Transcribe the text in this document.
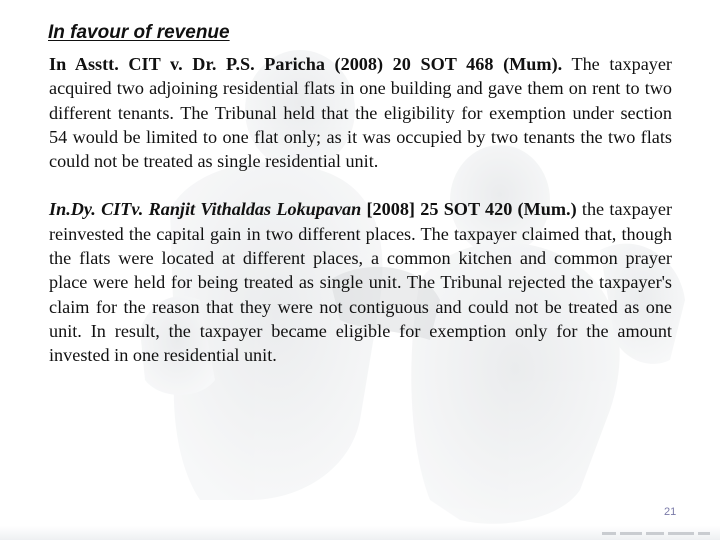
In favour of revenue

In Asstt. CIT v. Dr. P.S. Paricha (2008) 20 SOT 468 (Mum). The taxpayer acquired two adjoining residential flats in one building and gave them on rent to two different tenants. The Tribunal held that the eligibility for exemption under section 54 would be limited to one flat only; as it was occupied by two tenants the two flats could not be treated as single residential unit.

In.Dy. CITv. Ranjit Vithaldas Lokupavan [2008] 25 SOT 420 (Mum.) the taxpayer reinvested the capital gain in two different places. The taxpayer claimed that, though the flats were located at different places, a common kitchen and common prayer place were held for being treated as single unit. The Tribunal rejected the taxpayer's claim for the reason that they were not contiguous and could not be treated as one unit. In result, the taxpayer became eligible for exemption only for the amount invested in one residential unit.

21
